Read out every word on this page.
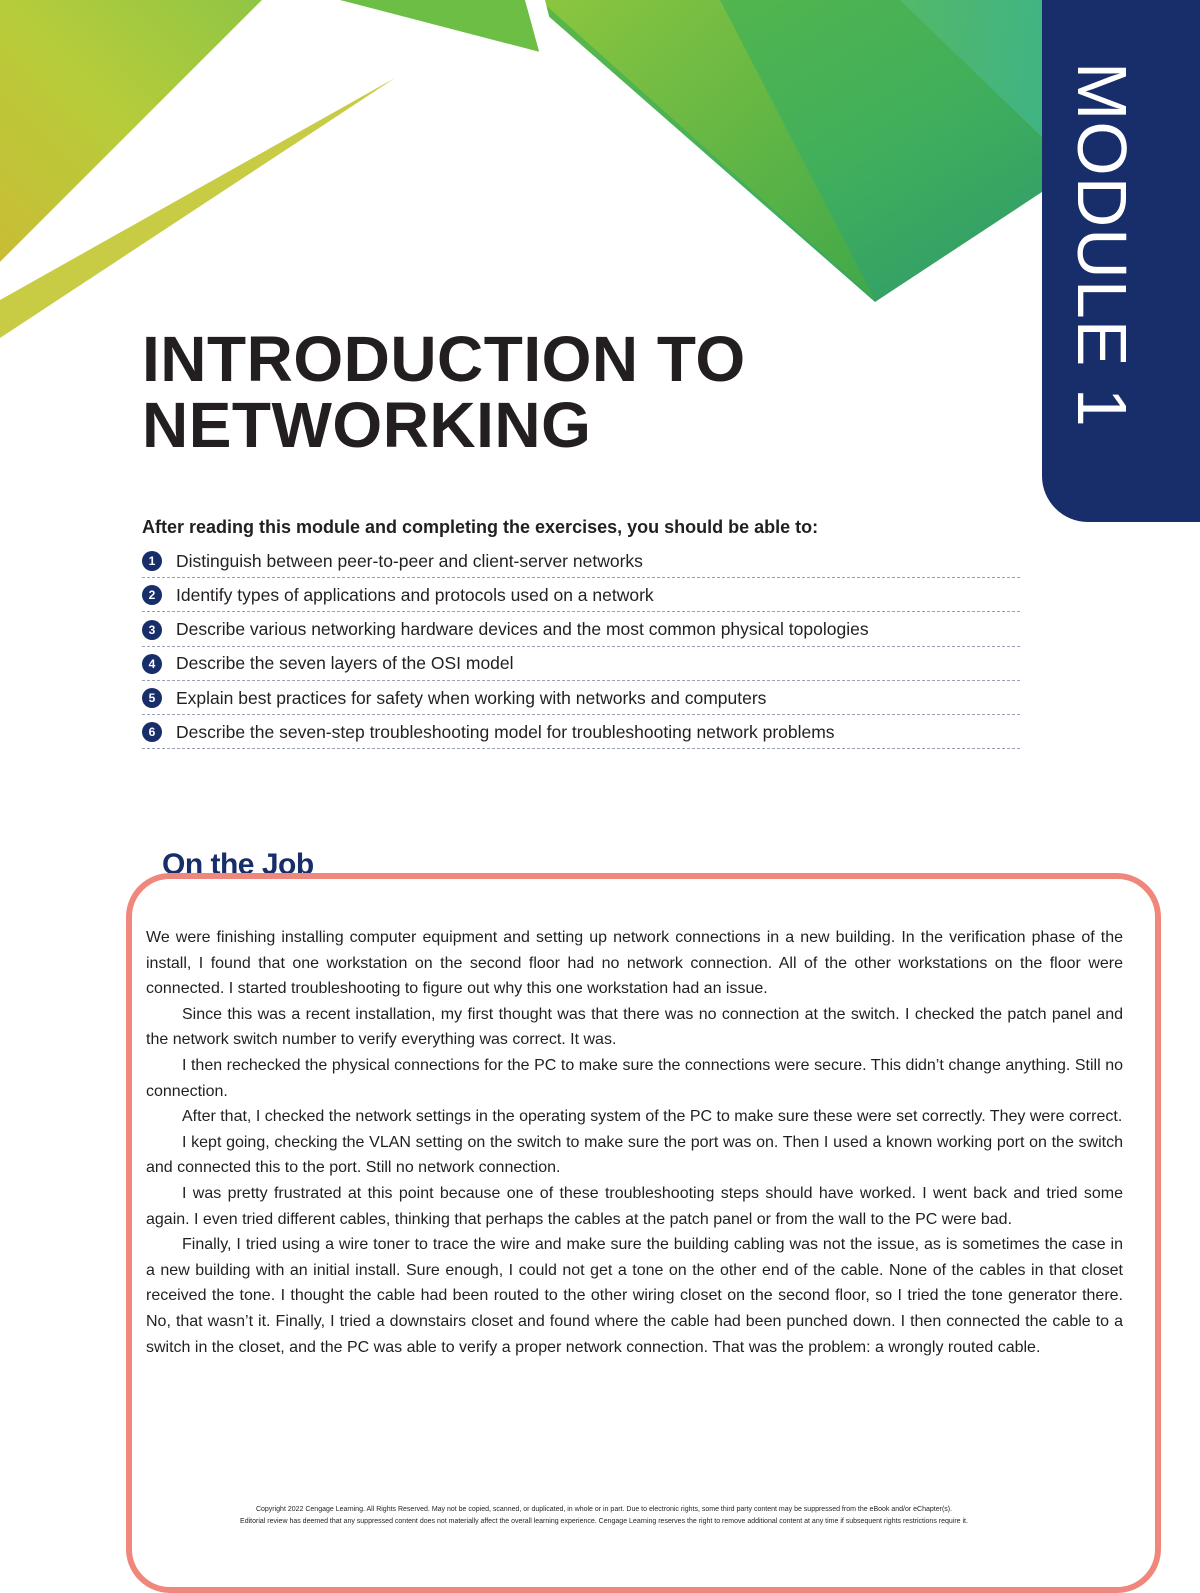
MODULE 1
INTRODUCTION TO
NETWORKING
After reading this module and completing the exercises, you should be able to:
1	Distinguish between peer-to-peer and client-server networks
2	Identify types of applications and protocols used on a network
3	Describe various networking hardware devices and the most common physical topologies
4	Describe the seven layers of the OSI model
5	Explain best practices for safety when working with networks and computers
6	Describe the seven-step troubleshooting model for troubleshooting network problems
On the Job

We were finishing installing computer equipment and setting up network connections in a new building. In the verification phase of the install, I found that one workstation on the second floor had no network connection. All of the other workstations on the floor were connected. I started troubleshooting to figure out why this one workstation had an issue.

Since this was a recent installation, my first thought was that there was no connection at the switch. I checked the patch panel and the network switch number to verify everything was correct. It was.

I then rechecked the physical connections for the PC to make sure the connections were secure. This didn’t change anything. Still no connection.

After that, I checked the network settings in the operating system of the PC to make sure these were set correctly. They were correct.

I kept going, checking the VLAN setting on the switch to make sure the port was on. Then I used a known working port on the switch and connected this to the port. Still no network connection.

I was pretty frustrated at this point because one of these troubleshooting steps should have worked. I went back and tried some again. I even tried different cables, thinking that perhaps the cables at the patch panel or from the wall to the PC were bad.

Finally, I tried using a wire toner to trace the wire and make sure the building cabling was not the issue, as is sometimes the case in a new building with an initial install. Sure enough, I could not get a tone on the other end of the cable. None of the cables in that closet received the tone. I thought the cable had been routed to the other wiring closet on the second floor, so I tried the tone generator there. No, that wasn’t it. Finally, I tried a downstairs closet and found where the cable had been punched down. I then connected the cable to a switch in the closet, and the PC was able to verify a proper network connection. That was the problem: a wrongly routed cable.

Copyright 2022 Cengage Learning. All Rights Reserved. May not be copied, scanned, or duplicated, in whole or in part. Due to electronic rights, some third party content may be suppressed from the eBook and/or eChapter(s).
Editorial review has deemed that any suppressed content does not materially affect the overall learning experience. Cengage Learning reserves the right to remove additional content at any time if subsequent rights restrictions require it.
